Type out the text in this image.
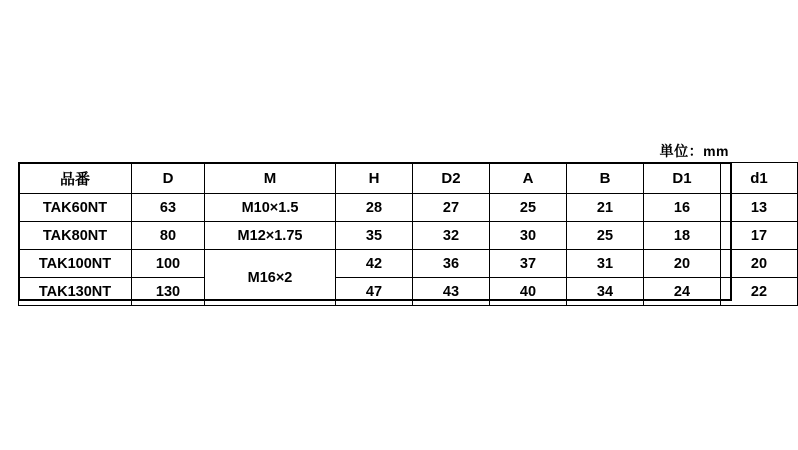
単位：mm
品番	D	M	H	D2	A	B	D1	d1
TAK60NT	63	M10×1.5	28	27	25	21	16	13
TAK80NT	80	M12×1.75	35	32	30	25	18	17
TAK100NT	100	M16×2	42	36	37	31	20	20
TAK130NT	130		47	43	40	34	24	22
